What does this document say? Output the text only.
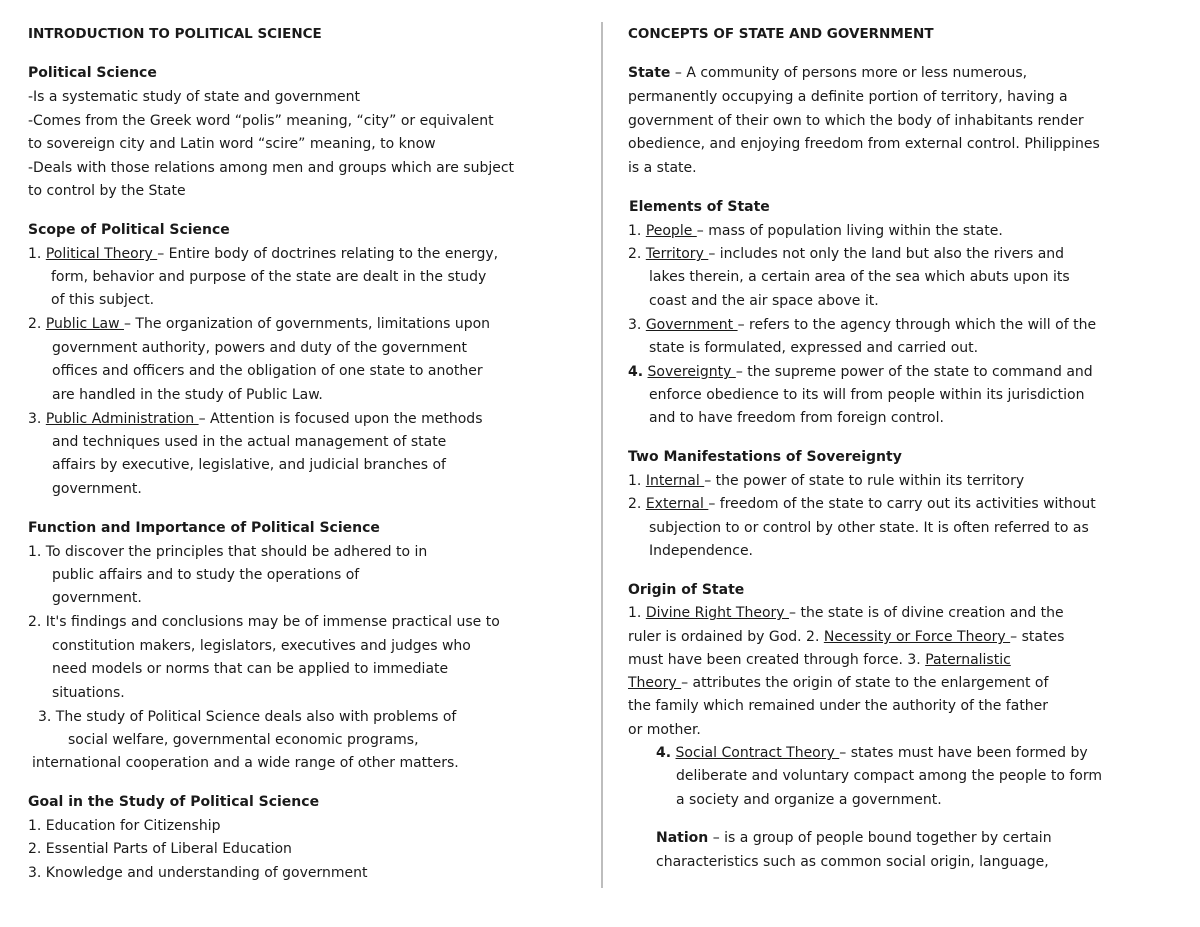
INTRODUCTION TO POLITICAL SCIENCE
Political Science
-Is a systematic study of state and government
-Comes from the Greek word “polis” meaning, “city” or equivalent
to sovereign city and Latin word “scire” meaning, to know
-Deals with those relations among men and groups which are subject
to control by the State
Scope of Political Science
1. Political Theory – Entire body of doctrines relating to the energy,
form, behavior and purpose of the state are dealt in the study
of this subject.
2. Public Law – The organization of governments, limitations upon
government authority, powers and duty of the government
offices and officers and the obligation of one state to another
are handled in the study of Public Law.
3. Public Administration – Attention is focused upon the methods
and techniques used in the actual management of state
affairs by executive, legislative, and judicial branches of
government.
Function and Importance of Political Science
1. To discover the principles that should be adhered to in
public affairs and to study the operations of
government.
2. It's findings and conclusions may be of immense practical use to
constitution makers, legislators, executives and judges who
need models or norms that can be applied to immediate
situations.
3. The study of Political Science deals also with problems of
social welfare, governmental economic programs,
international cooperation and a wide range of other matters.
Goal in the Study of Political Science
1. Education for Citizenship
2. Essential Parts of Liberal Education
3. Knowledge and understanding of government
CONCEPTS OF STATE AND GOVERNMENT
State – A community of persons more or less numerous,
permanently occupying a definite portion of territory, having a
government of their own to which the body of inhabitants render
obedience, and enjoying freedom from external control. Philippines
is a state.
Elements of State
1. People – mass of population living within the state.
2. Territory – includes not only the land but also the rivers and
lakes therein, a certain area of the sea which abuts upon its
coast and the air space above it.
3. Government – refers to the agency through which the will of the
state is formulated, expressed and carried out.
4. Sovereignty – the supreme power of the state to command and
enforce obedience to its will from people within its jurisdiction
and to have freedom from foreign control.
Two Manifestations of Sovereignty
1. Internal – the power of state to rule within its territory
2. External – freedom of the state to carry out its activities without
subjection to or control by other state. It is often referred to as
Independence.
Origin of State
1. Divine Right Theory – the state is of divine creation and the
ruler is ordained by God. 2. Necessity or Force Theory – states
must have been created through force. 3. Paternalistic
Theory – attributes the origin of state to the enlargement of
the family which remained under the authority of the father
or mother.
4. Social Contract Theory – states must have been formed by
deliberate and voluntary compact among the people to form
a society and organize a government.
Nation – is a group of people bound together by certain
characteristics such as common social origin, language,
